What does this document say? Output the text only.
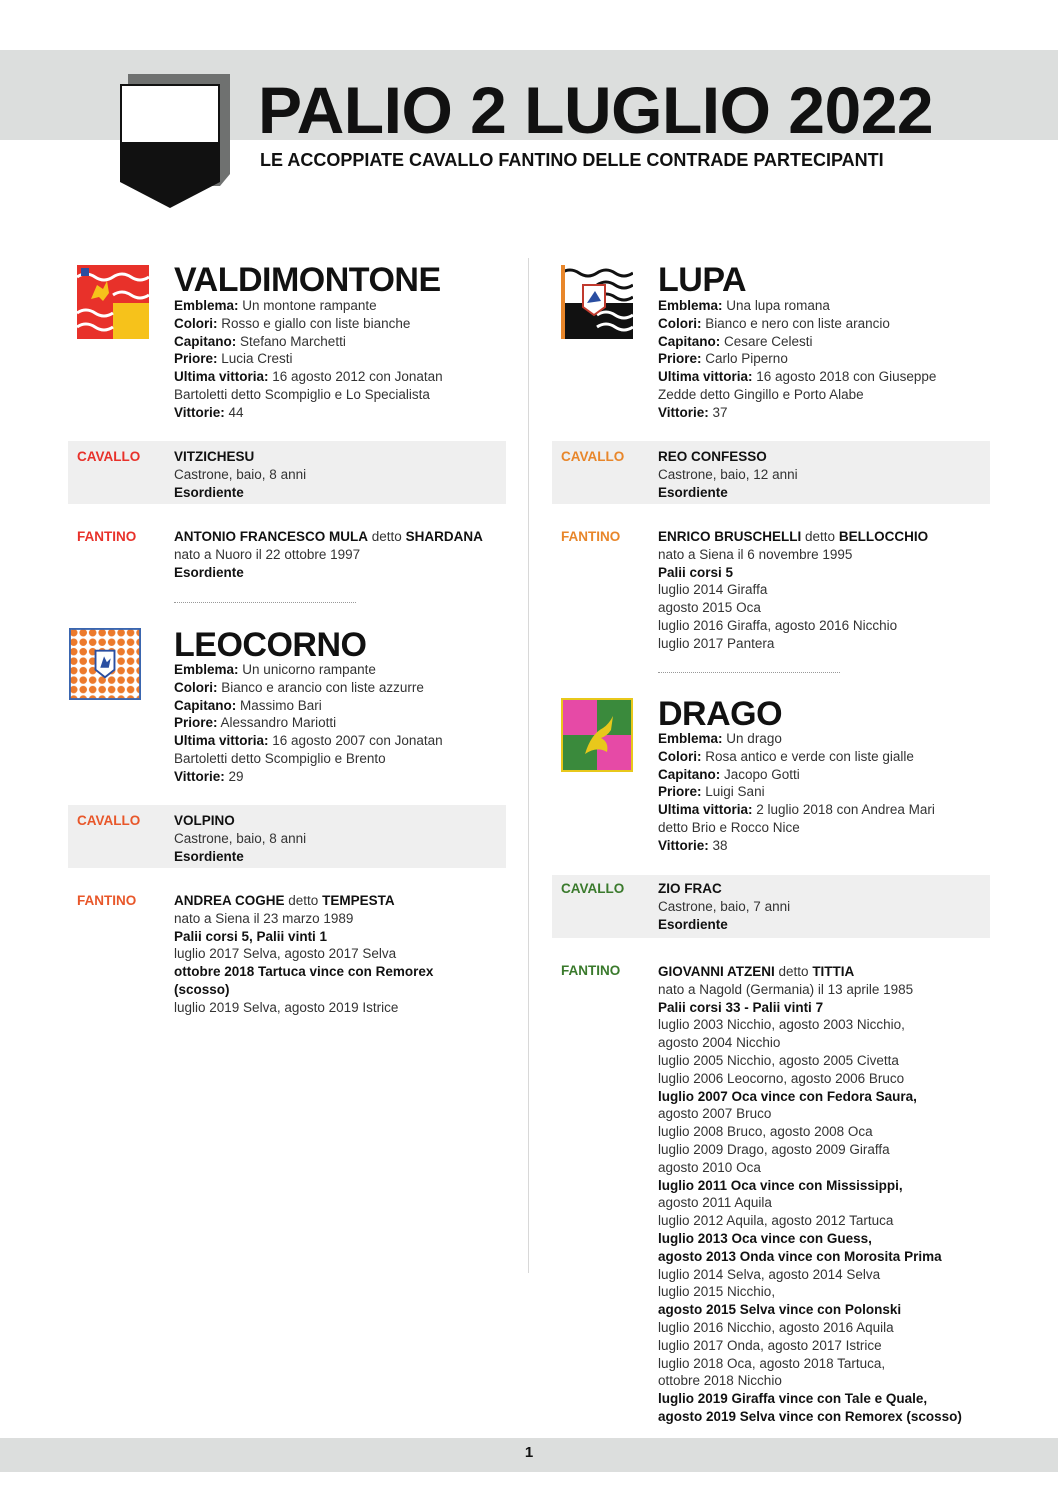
PALIO 2 LUGLIO 2022
LE ACCOPPIATE CAVALLO FANTINO DELLE CONTRADE PARTECIPANTI
VALDIMONTONE
Emblema: Un montone rampante
Colori: Rosso e giallo con liste bianche
Capitano: Stefano Marchetti
Priore: Lucia Cresti
Ultima vittoria: 16 agosto 2012 con Jonatan
Bartoletti detto Scompiglio e Lo Specialista
Vittorie: 44
CAVALLO	VITZICHESU
Castrone, baio, 8 anni
Esordiente
FANTINO	ANTONIO FRANCESCO MULA detto SHARDANA
nato a Nuoro il 22 ottobre 1997
Esordiente
LEOCORNO
Emblema: Un unicorno rampante
Colori: Bianco e arancio con liste azzurre
Capitano: Massimo Bari
Priore: Alessandro Mariotti
Ultima vittoria: 16 agosto 2007 con Jonatan
Bartoletti detto Scompiglio e Brento
Vittorie: 29
CAVALLO	VOLPINO
Castrone, baio, 8 anni
Esordiente
FANTINO	ANDREA COGHE detto TEMPESTA
nato a Siena il 23 marzo 1989
Palii corsi 5, Palii vinti 1
luglio 2017 Selva, agosto 2017 Selva
ottobre 2018 Tartuca vince con Remorex
(scosso)
luglio 2019 Selva, agosto 2019 Istrice
LUPA
Emblema: Una lupa romana
Colori: Bianco e nero con liste arancio
Capitano: Cesare Celesti
Priore: Carlo Piperno
Ultima vittoria: 16 agosto 2018 con Giuseppe
Zedde detto Gingillo e Porto Alabe
Vittorie: 37
CAVALLO	REO CONFESSO
Castrone, baio, 12 anni
Esordiente
FANTINO	ENRICO BRUSCHELLI detto BELLOCCHIO
nato a Siena il 6 novembre 1995
Palii corsi 5
luglio 2014 Giraffa
agosto 2015 Oca
luglio 2016 Giraffa, agosto 2016 Nicchio
luglio 2017 Pantera
DRAGO
Emblema: Un drago
Colori: Rosa antico e verde con liste gialle
Capitano: Jacopo Gotti
Priore: Luigi Sani
Ultima vittoria: 2 luglio 2018 con Andrea Mari
detto Brio e Rocco Nice
Vittorie: 38
CAVALLO	ZIO FRAC
Castrone, baio, 7 anni
Esordiente
FANTINO	GIOVANNI ATZENI detto TITTIA
nato a Nagold (Germania) il 13 aprile 1985
Palii corsi 33 - Palii vinti 7
luglio 2003 Nicchio, agosto 2003 Nicchio,
agosto 2004 Nicchio
luglio 2005 Nicchio, agosto 2005 Civetta
luglio 2006 Leocorno, agosto 2006 Bruco
luglio 2007 Oca vince con Fedora Saura,
agosto 2007 Bruco
luglio 2008 Bruco, agosto 2008 Oca
luglio 2009 Drago, agosto 2009 Giraffa
agosto 2010 Oca
luglio 2011 Oca vince con Mississippi,
agosto 2011 Aquila
luglio 2012 Aquila, agosto 2012 Tartuca
luglio 2013 Oca vince con Guess,
agosto 2013 Onda vince con Morosita Prima
luglio 2014 Selva, agosto 2014 Selva
luglio 2015 Nicchio,
agosto 2015 Selva vince con Polonski
luglio 2016 Nicchio, agosto 2016 Aquila
luglio 2017 Onda, agosto 2017 Istrice
luglio 2018 Oca, agosto 2018 Tartuca,
ottobre 2018 Nicchio
luglio 2019 Giraffa vince con Tale e Quale,
agosto 2019 Selva vince con Remorex (scosso)
1
